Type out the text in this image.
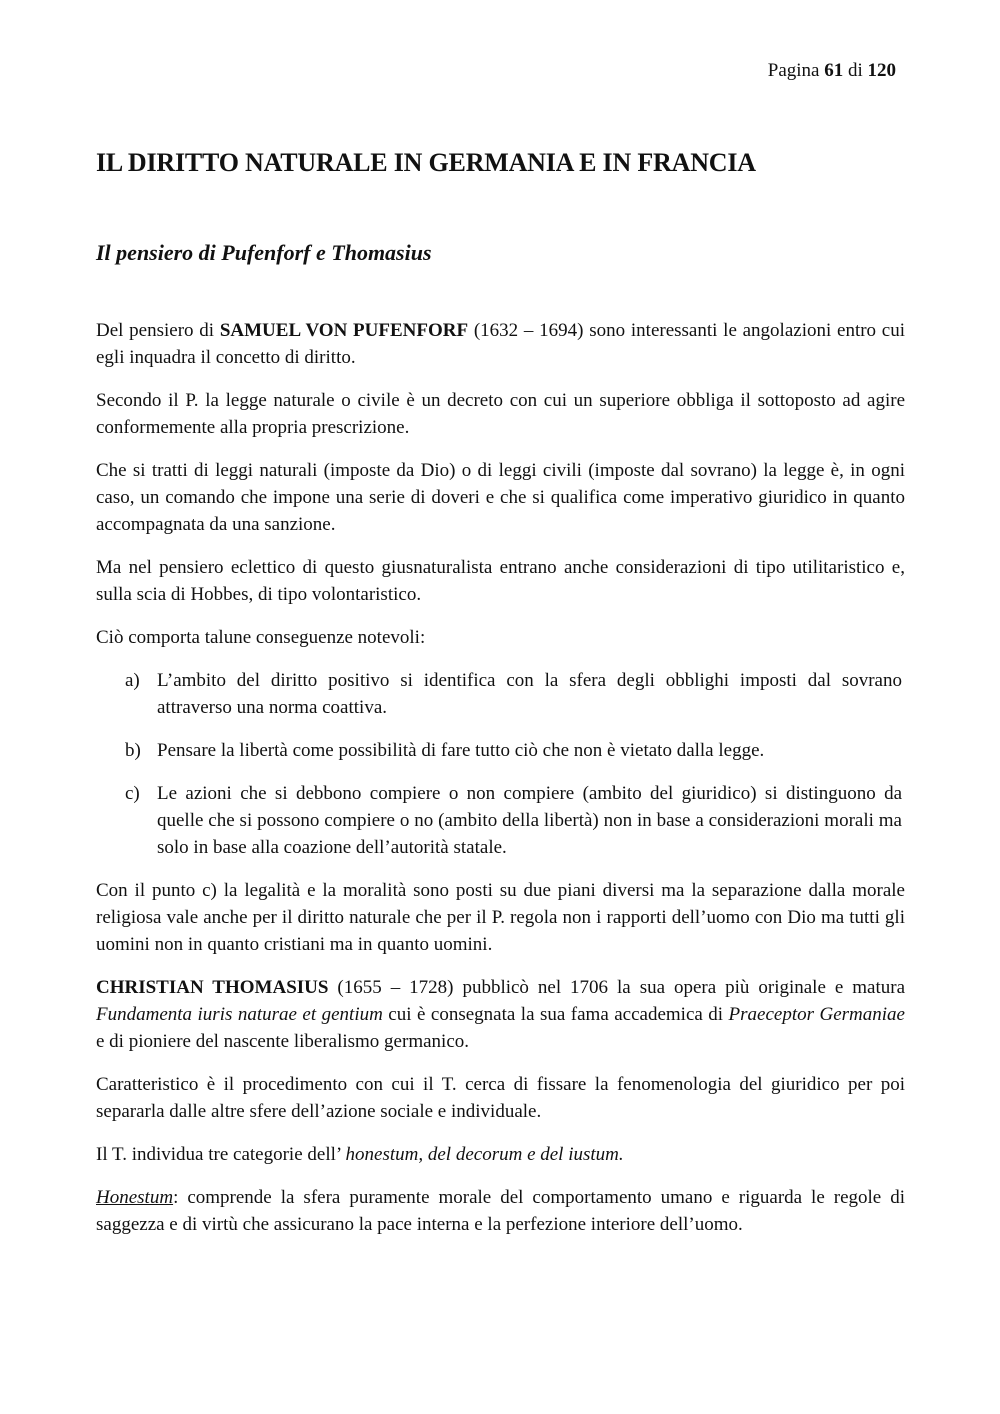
Pagina 61 di 120
IL DIRITTO NATURALE IN GERMANIA E IN FRANCIA
Il pensiero di Pufenforf e Thomasius

Del pensiero di SAMUEL VON PUFENFORF (1632 – 1694) sono interessanti le angolazioni entro cui egli inquadra il concetto di diritto.

Secondo il P. la legge naturale o civile è un decreto con cui un superiore obbliga il sottoposto ad agire conformemente alla propria prescrizione.

Che si tratti di leggi naturali (imposte da Dio) o di leggi civili (imposte dal sovrano) la legge è, in ogni caso, un comando che impone una serie di doveri e che si qualifica come imperativo giuridico in quanto accompagnata da una sanzione.

Ma nel pensiero eclettico di questo giusnaturalista entrano anche considerazioni di tipo utilitaristico e, sulla scia di Hobbes, di tipo volontaristico.

Ciò comporta talune conseguenze notevoli:

a) L’ambito del diritto positivo si identifica con la sfera degli obblighi imposti dal sovrano attraverso una norma coattiva.
b) Pensare la libertà come possibilità di fare tutto ciò che non è vietato dalla legge.
c) Le azioni che si debbono compiere o non compiere (ambito del giuridico) si distinguono da quelle che si possono compiere o no (ambito della libertà) non in base a considerazioni morali ma solo in base alla coazione dell’autorità statale.

Con il punto c) la legalità e la moralità sono posti su due piani diversi ma la separazione dalla morale religiosa vale anche per il diritto naturale che per il P. regola non i rapporti dell’uomo con Dio ma tutti gli uomini non in quanto cristiani ma in quanto uomini.

CHRISTIAN THOMASIUS (1655 – 1728) pubblicò nel 1706 la sua opera più originale e matura Fundamenta iuris naturae et gentium cui è consegnata la sua fama accademica di Praeceptor Germaniae e di pioniere del nascente liberalismo germanico.

Caratteristico è il procedimento con cui il T. cerca di fissare la fenomenologia del giuridico per poi separarla dalle altre sfere dell’azione sociale e individuale.

Il T. individua tre categorie dell’ honestum, del decorum e del iustum.

Honestum: comprende la sfera puramente morale del comportamento umano e riguarda le regole di saggezza e di virtù che assicurano la pace interna e la perfezione interiore dell’uomo.
